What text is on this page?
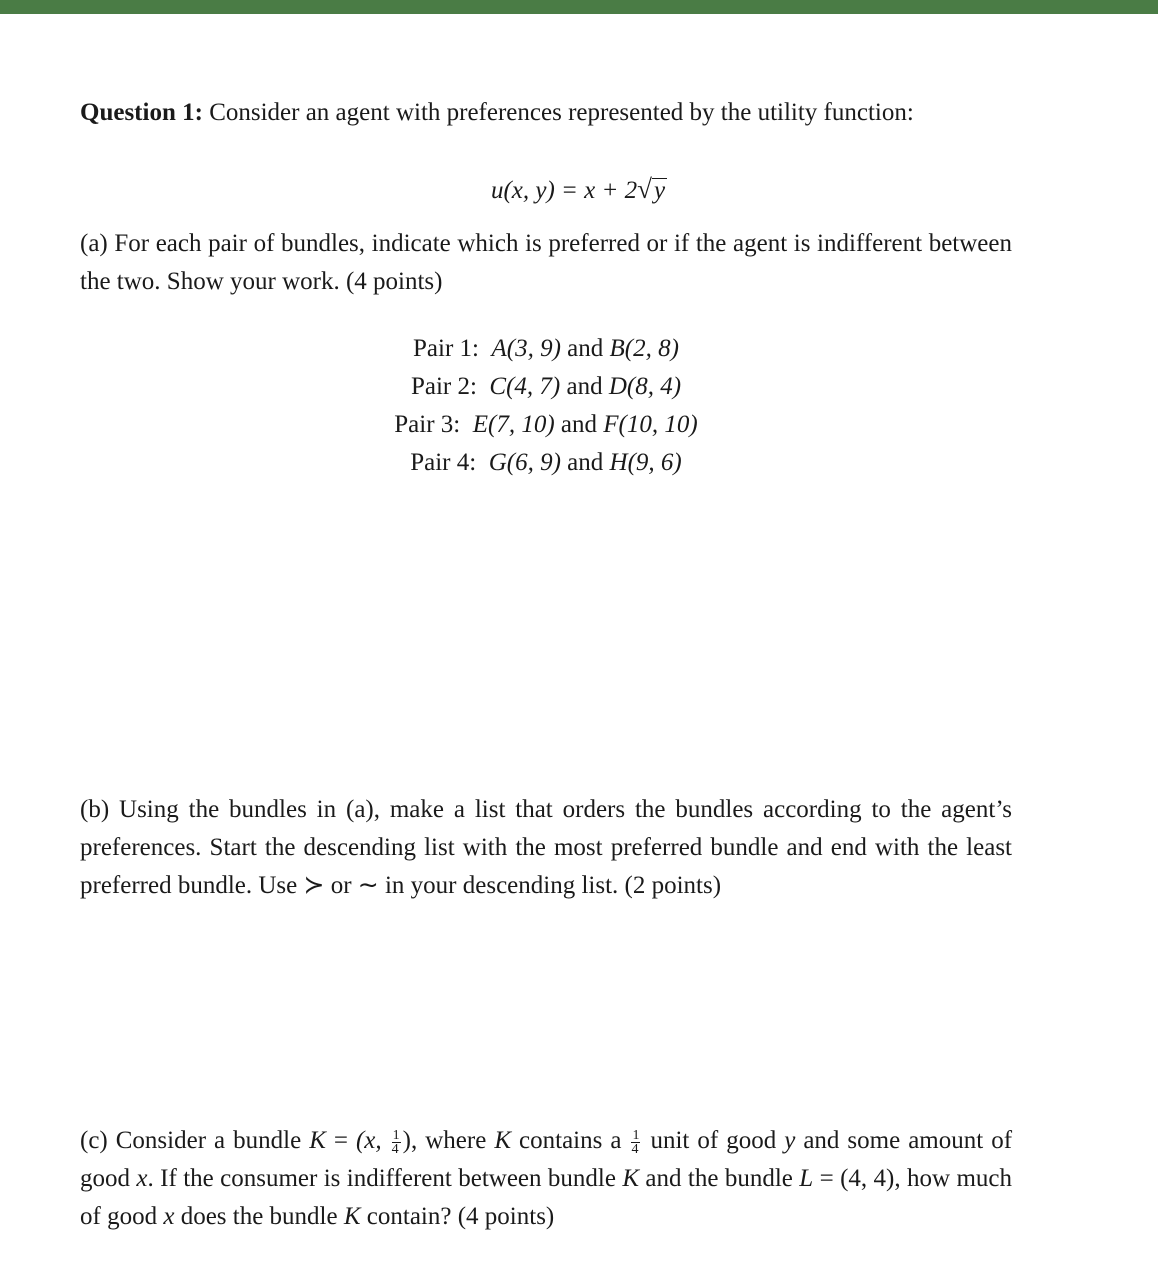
Question 1: Consider an agent with preferences represented by the utility function:
u(x, y) = x + 2√y
(a) For each pair of bundles, indicate which is preferred or if the agent is indifferent between the two. Show your work. (4 points)
Pair 1: A(3, 9) and B(2, 8)
Pair 2: C(4, 7) and D(8, 4)
Pair 3: E(7, 10) and F(10, 10)
Pair 4: G(6, 9) and H(9, 6)
(b) Using the bundles in (a), make a list that orders the bundles according to the agent’s preferences. Start the descending list with the most preferred bundle and end with the least preferred bundle. Use ≻ or ∼ in your descending list. (2 points)
(c) Consider a bundle K = (x, $\frac{1}{4}$ ), where K contains a $\frac{1}{4}$ unit of good y and some amount of good x. If the consumer is indifferent between bundle K and the bundle L = (4, 4), how much of good x does the bundle K contain? (4 points)
